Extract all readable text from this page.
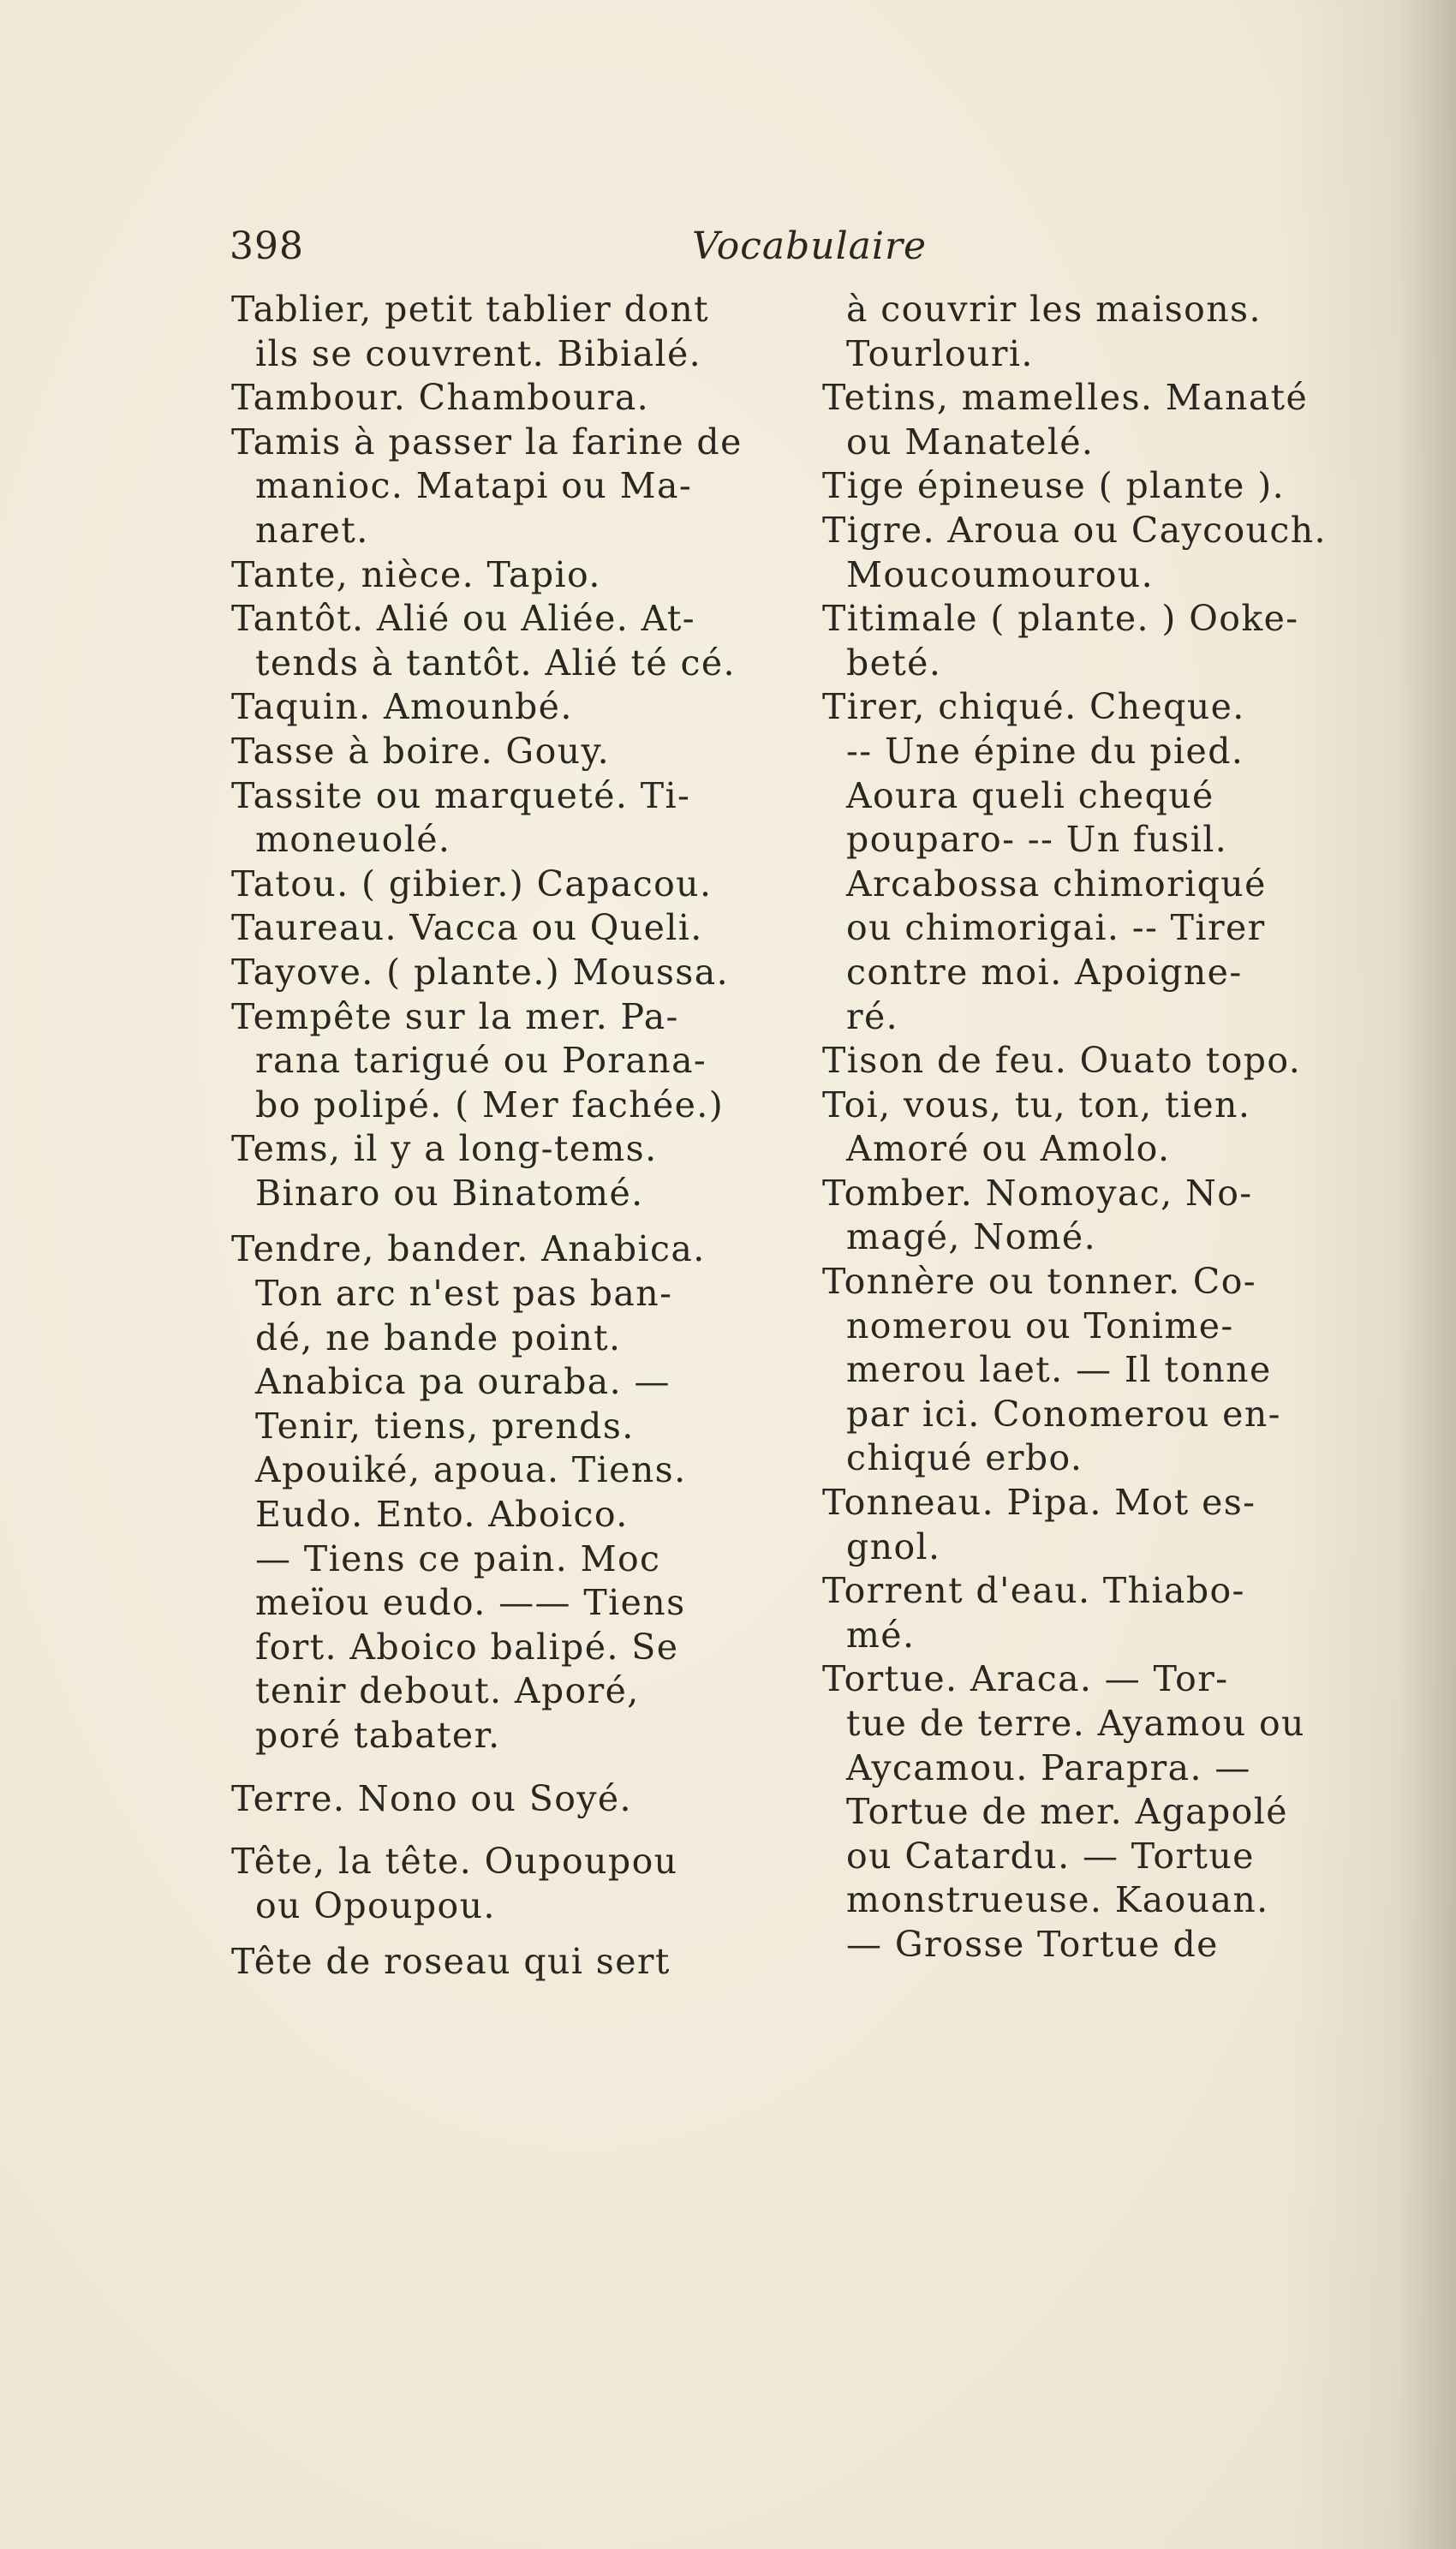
398	Vocabulaire
Tablier, petit tablier dont
ils se couvrent. Bibialé.
Tambour. Chamboura.
Tamis à passer la farine de
manioc. Matapi ou Ma-
naret.
Tante, nièce. Tapio.
Tantôt. Alié ou Aliée. At-
tends à tantôt. Alié té cé.
Taquin. Amounbé.
Tasse à boire. Gouy.
Tassite ou marqueté. Ti-
moneuolé.
Tatou. ( gibier.) Capacou.
Taureau. Vacca ou Queli.
Tayove. ( plante.) Moussa.
Tempête sur la mer. Pa-
rana tarigué ou Porana-
bo polipé. ( Mer fachée.)
Tems, il y a long-tems.
Binaro ou Binatomé.
Tendre, bander. Anabica.
Ton arc n'est pas ban-
dé, ne bande point.
Anabica pa ouraba. —
Tenir, tiens, prends.
Apouiké, apoua. Tiens.
Eudo. Ento. Aboico.
— Tiens ce pain. Moc
meïou eudo. —— Tiens
fort. Aboico balipé. Se
tenir debout. Aporé,
poré tabater.
Terre. Nono ou Soyé.
Tête, la tête. Oupoupou
ou Opoupou.
Tête de roseau qui sert
à couvrir les maisons.
Tourlouri.
Tetins, mamelles. Manaté
ou Manatelé.
Tige épineuse ( plante ).
Tigre. Aroua ou Caycouch.
Moucoumourou.
Titimale ( plante. ) Ooke-
beté.
Tirer, chiqué. Cheque.
-- Une épine du pied.
Aoura queli chequé
pouparo- -- Un fusil.
Arcabossa chimoriqué
ou chimorigai. -- Tirer
contre moi. Apoigne-
ré.
Tison de feu. Ouato topo.
Toi, vous, tu, ton, tien.
Amoré ou Amolo.
Tomber. Nomoyac, No-
magé, Nomé.
Tonnère ou tonner. Co-
nomerou ou Tonime-
merou laet. — Il tonne
par ici. Conomerou en-
chiqué erbo.
Tonneau. Pipa. Mot es-
gnol.
Torrent d'eau. Thiabo-
mé.
Tortue. Araca. — Tor-
tue de terre. Ayamou ou
Aycamou. Parapra. —
Tortue de mer. Agapolé
ou Catardu. — Tortue
monstrueuse. Kaouan.
— Grosse Tortue de
